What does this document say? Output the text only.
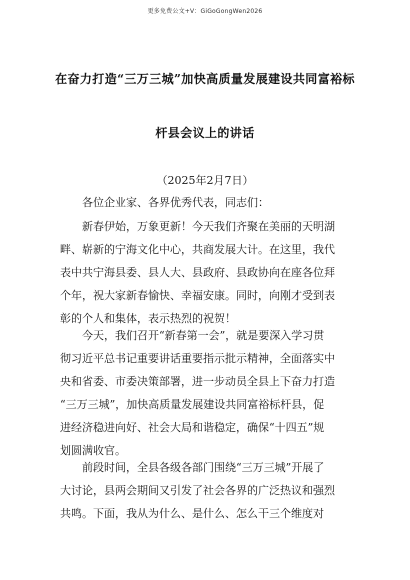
更多免费公文+V：GiGoGongWen2026
在奋力打造“三万三城”加快高质量发展建设共同富裕标
杆县会议上的讲话
（2025年2月7日）
各位企业家、各界优秀代表，同志们：
新春伊始，万象更新！今天我们齐聚在美丽的天明湖
畔、崭新的宁海文化中心，共商发展大计。在这里，我代
表中共宁海县委、县人大、县政府、县政协向在座各位拜
个年，祝大家新春愉快、幸福安康。同时，向刚才受到表
彰的个人和集体，表示热烈的祝贺！
今天，我们召开“新春第一会”，就是要深入学习贯
彻习近平总书记重要讲话重要指示批示精神，全面落实中
央和省委、市委决策部署，进一步动员全县上下奋力打造
“三万三城”，加快高质量发展建设共同富裕标杆县，促
进经济稳进向好、社会大局和谐稳定，确保“十四五”规
划圆满收官。
前段时间，全县各级各部门围绕“三万三城”开展了
大讨论，县两会期间又引发了社会各界的广泛热议和强烈
共鸣。下面，我从为什么、是什么、怎么干三个维度对
